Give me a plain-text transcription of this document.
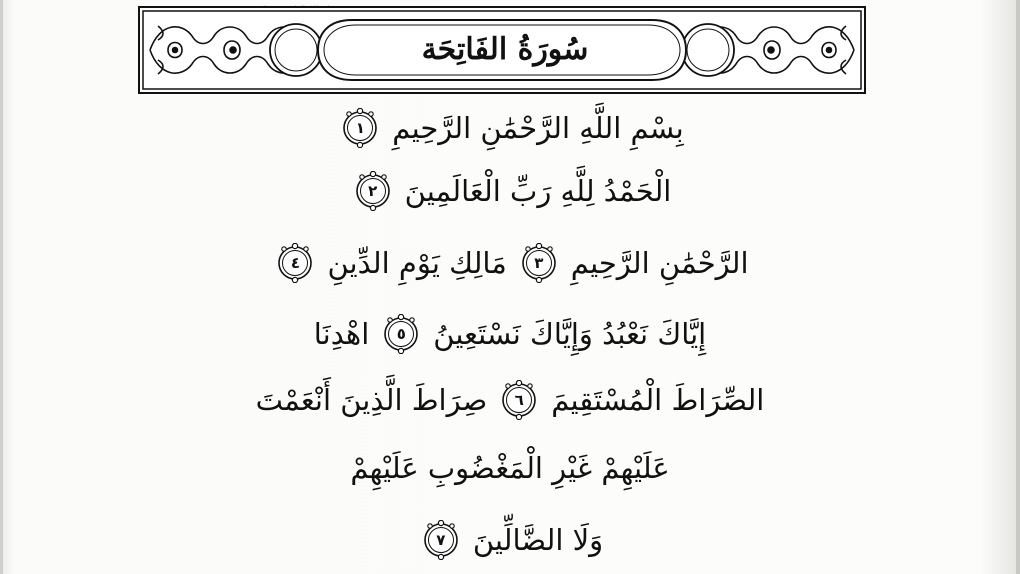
سُورَةُ الفَاتِحَة
بِسْمِ اللَّهِ الرَّحْمَٰنِ الرَّحِيمِ
١
الْحَمْدُ لِلَّهِ رَبِّ الْعَالَمِينَ
٢
الرَّحْمَٰنِ الرَّحِيمِ
٣
مَالِكِ يَوْمِ الدِّينِ
٤
إِيَّاكَ نَعْبُدُ وَإِيَّاكَ نَسْتَعِينُ
٥
اهْدِنَا
الصِّرَاطَ الْمُسْتَقِيمَ
٦
صِرَاطَ الَّذِينَ أَنْعَمْتَ
عَلَيْهِمْ غَيْرِ الْمَغْضُوبِ عَلَيْهِمْ
وَلَا الضَّالِّينَ
٧
